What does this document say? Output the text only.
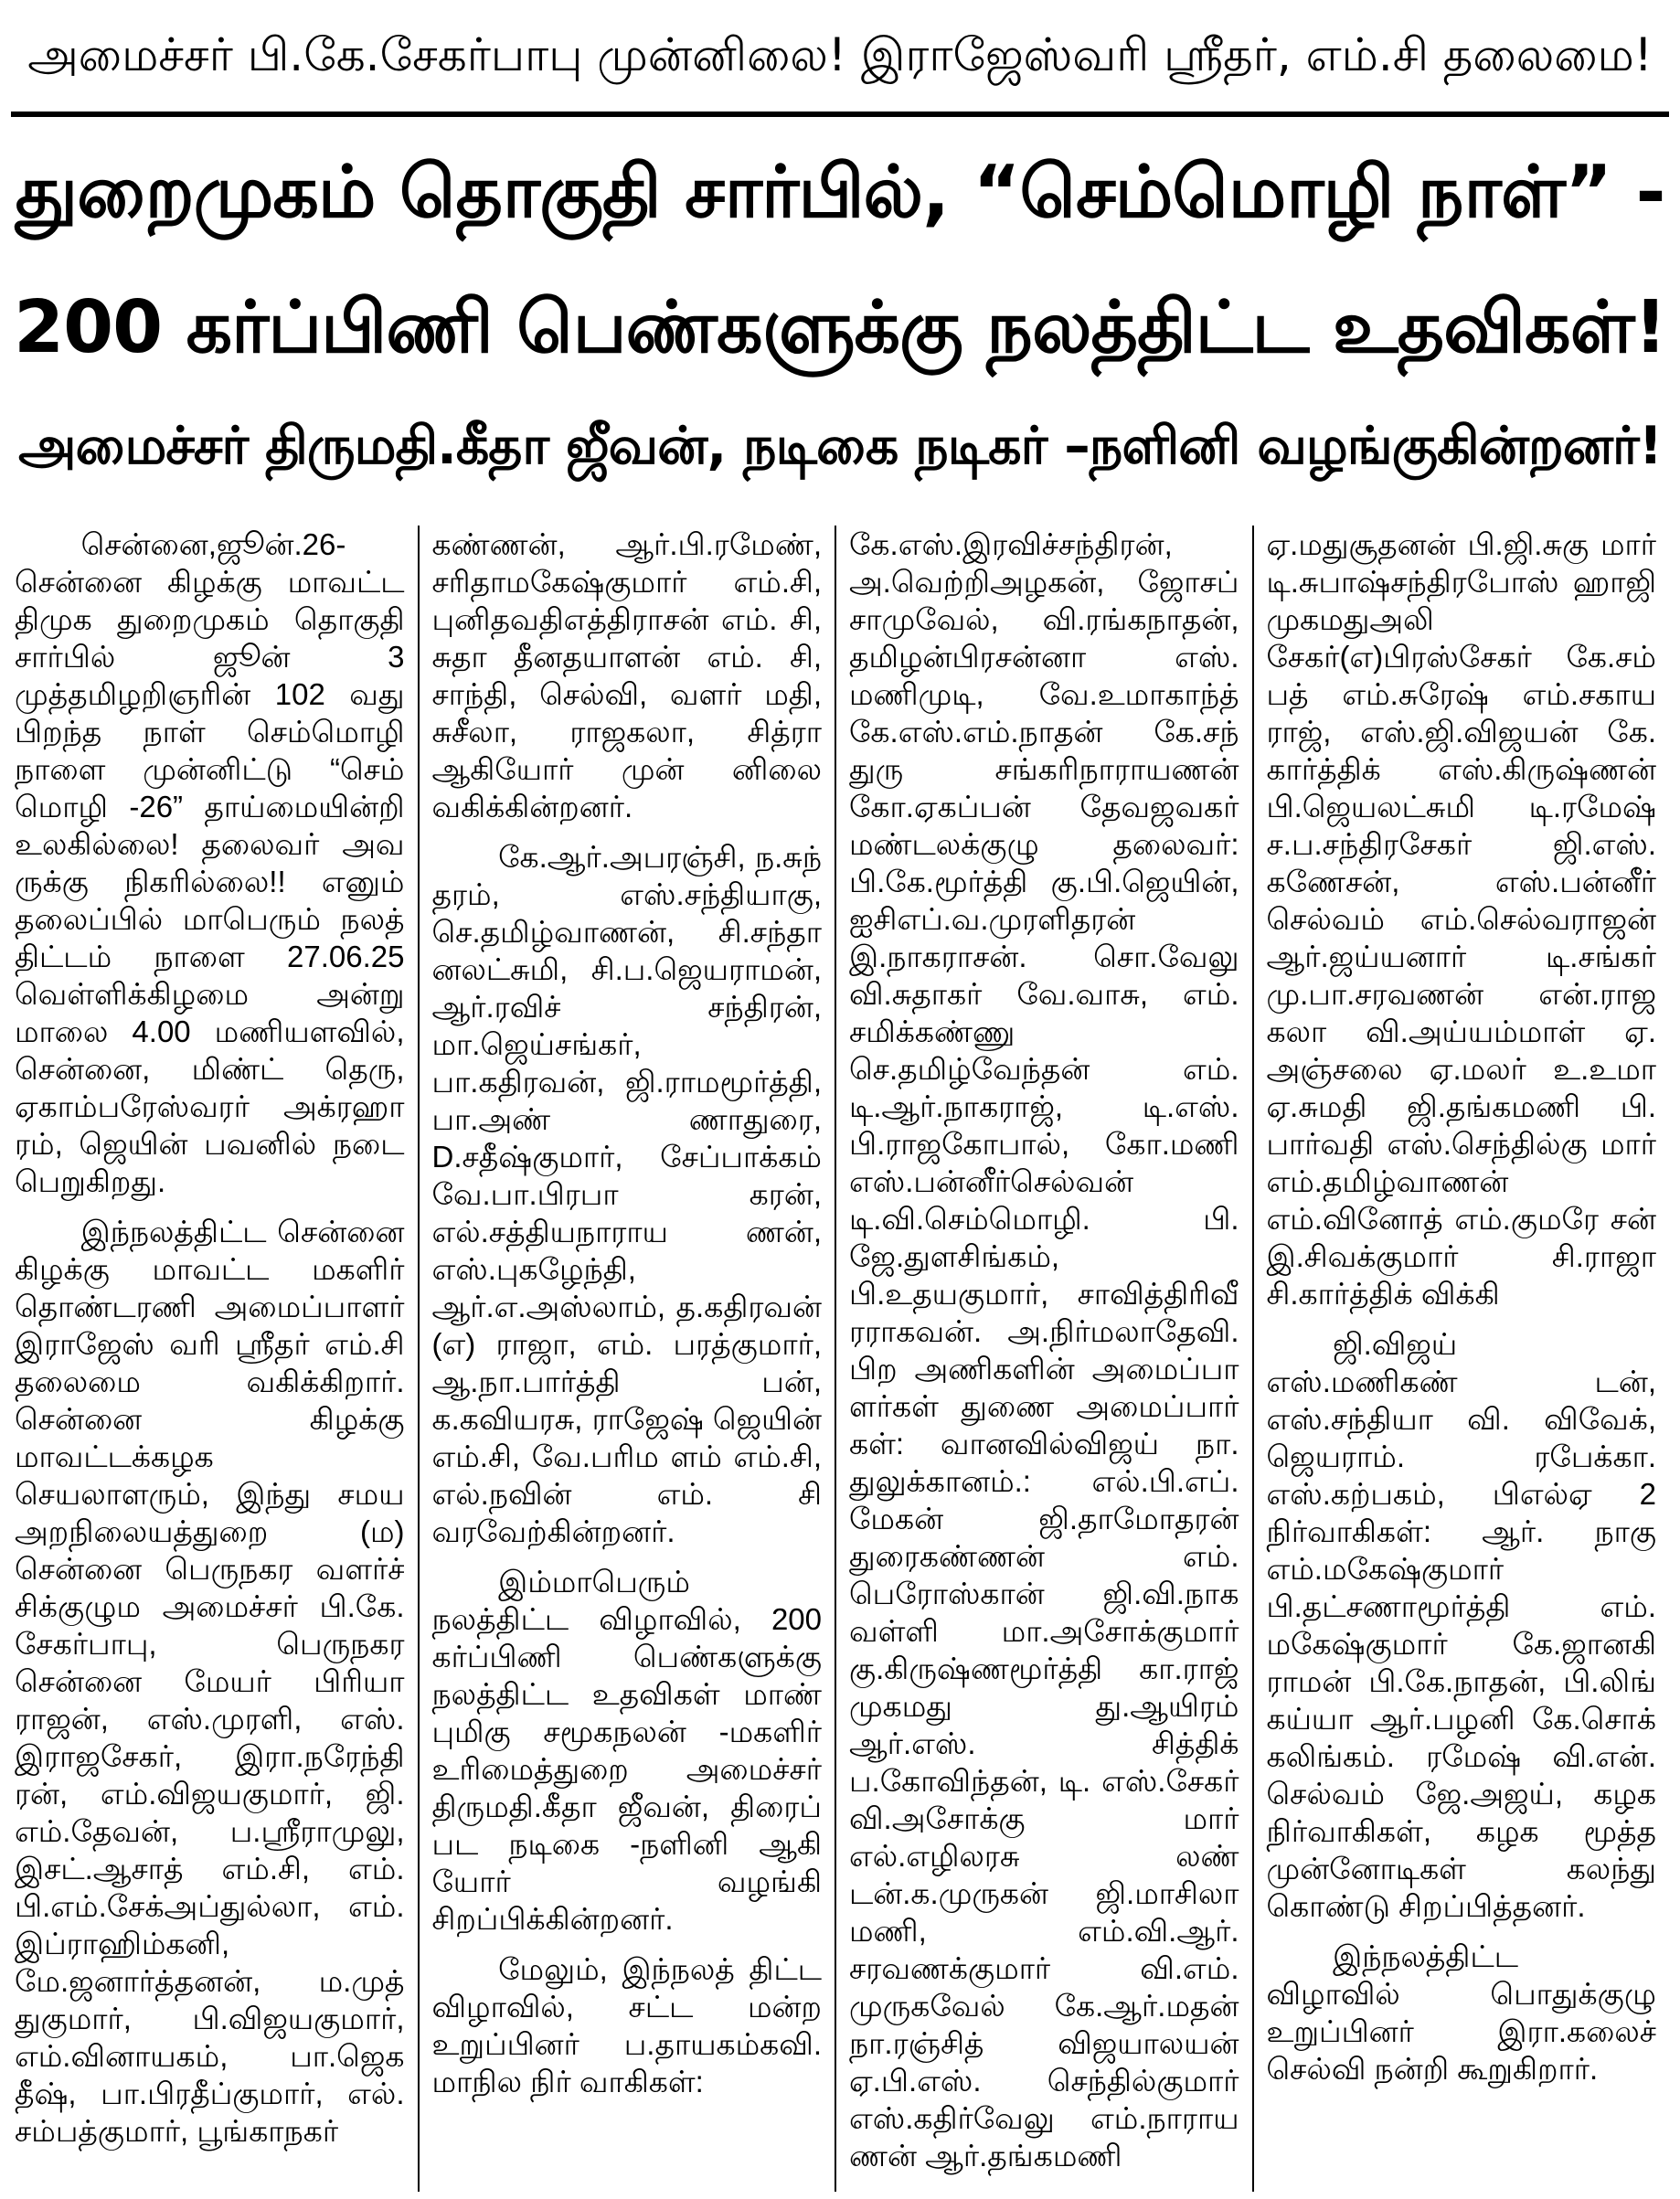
அமைச்சர் பி.கே.சேகர்பாபு முன்னிலை! இராஜேஸ்வரி ஸ்ரீதர், எம்.சி தலைமை!
துறைமுகம் தொகுதி சார்பில், “செம்மொழி நாள்” -
200 கர்ப்பிணி பெண்களுக்கு நலத்திட்ட உதவிகள்!
அமைச்சர் திருமதி.கீதா ஜீவன், நடிகை நடிகர் –நளினி வழங்குகின்றனர்!

சென்னை,ஜூன்.26- சென்னை கிழக்கு மாவட்ட திமுக துறைமுகம் தொகுதி சார்பில் ஜூன் 3 முத்தமிழறிஞரின் 102 வது பிறந்த நாள் செம்மொழி நாளை முன்னிட்டு “செம் மொழி -26” தாய்மையின்றி உலகில்லை! தலைவர் அவ ருக்கு நிகரில்லை!! எனும் தலைப்பில் மாபெரும் நலத் திட்டம் நாளை 27.06.25 வெள்ளிக்கிழமை அன்று மாலை 4.00 மணியளவில், சென்னை, மிண்ட் தெரு, ஏகாம்பரேஸ்வரர் அக்ரஹா ரம், ஜெயின் பவனில் நடை பெறுகிறது.

இந்நலத்திட்ட சென்னை கிழக்கு மாவட்ட மகளிர் தொண்டரணி அமைப்பாளர் இராஜேஸ் வரி ஸ்ரீதர் எம்.சி தலைமை வகிக்கிறார். சென்னை கிழக்கு மாவட்டக்கழக செயலாளரும், இந்து சமய அறநிலையத்துறை (ம) சென்னை பெருநகர வளர்ச் சிக்குழும அமைச்சர் பி.கே. சேகர்பாபு, பெருநகர சென்னை மேயர் பிரியா ராஜன், எஸ்.முரளி, எஸ். இராஜசேகர், இரா.நரேந்தி ரன், எம்.விஜயகுமார், ஜி. எம்.தேவன், ப.ஸ்ரீராமுலு, இசட்.ஆசாத் எம்.சி, எம். பி.எம்.சேக்அப்துல்லா, எம். இப்ராஹிம்கனி, மே.ஜனார்த்தனன், ம.முத் துகுமார், பி.விஜயகுமார், எம்.வினாயகம், பா.ஜெக தீஷ், பா.பிரதீப்குமார், எல். சம்பத்குமார், பூங்காநகர்

கண்ணன், ஆர்.பி.ரமேண், சரிதாமகேஷ்குமார் எம்.சி, புனிதவதிஎத்திராசன் எம். சி, சுதா தீனதயாளன் எம். சி, சாந்தி, செல்வி, வளர் மதி, சுசீலா, ராஜகலா, சித்ரா ஆகியோர் முன் னிலை வகிக்கின்றனர்.

கே.ஆர்.அபரஞ்சி, ந.சுந் தரம், எஸ்.சந்தியாகு, செ.தமிழ்வாணன், சி.சந்தா னலட்சுமி, சி.ப.ஜெயராமன், ஆர்.ரவிச் சந்திரன், மா.ஜெய்சங்கர், பா.கதிரவன், ஜி.ராமமூர்த்தி, பா.அண் ணாதுரை, D.சதீஷ்குமார், சேப்பாக்கம் வே.பா.பிரபா கரன், எல்.சத்தியநாராய ணன், எஸ்.புகழேந்தி, ஆர்.எ.அஸ்லாம், த.கதிரவன் (எ) ராஜா, எம். பரத்குமார், ஆ.நா.பார்த்தி பன், க.கவியரசு, ராஜேஷ் ஜெயின் எம்.சி, வே.பரிம ளம் எம்.சி, எல்.நவின் எம். சி வரவேற்கின்றனர்.

இம்மாபெரும் நலத்திட்ட விழாவில், 200 கர்ப்பிணி பெண்களுக்கு நலத்திட்ட உதவிகள் மாண் புமிகு சமூகநலன் -மகளிர் உரிமைத்துறை அமைச்சர் திருமதி.கீதா ஜீவன், திரைப் பட நடிகை -நளினி ஆகி யோர் வழங்கி சிறப்பிக்கின்றனர்.

மேலும், இந்நலத் திட்ட விழாவில், சட்ட மன்ற உறுப்பினர் ப.தாயகம்கவி. மாநில நிர் வாகிகள்:

கே.எஸ்.இரவிச்சந்திரன், அ.வெற்றிஅழகன், ஜோசப் சாமுவேல், வி.ரங்கநாதன், தமிழன்பிரசன்னா எஸ். மணிமுடி, வே.உமாகாந்த் கே.எஸ்.எம்.நாதன் கே.சந் துரு சங்கரிநாராயணன் கோ.ஏகப்பன் தேவஜவகர் மண்டலக்குழு தலைவர்: பி.கே.மூர்த்தி கு.பி.ஜெயின், ஐசிஎப்.வ.முரளிதரன் இ.நாகராசன். சொ.வேலு வி.சுதாகர் வே.வாசு, எம். சமிக்கண்ணு செ.தமிழ்வேந்தன் எம். டி.ஆர்.நாகராஜ், டி.எஸ். பி.ராஜகோபால், கோ.மணி எஸ்.பன்னீர்செல்வன் டி.வி.செம்மொழி. பி. ஜே.துளசிங்கம், பி.உதயகுமார், சாவித்திரிவீ ரராகவன். அ.நிர்மலாதேவி. பிற அணிகளின் அமைப்பா ளர்கள் துணை அமைப்பார் கள்: வானவில்விஜய் நா. துலுக்கானம்.: எல்.பி.எப். மேகன் ஜி.தாமோதரன் துரைகண்ணன் எம். பெரோஸ்கான் ஜி.வி.நாக வள்ளி மா.அசோக்குமார் கு.கிருஷ்ணமூர்த்தி கா.ராஜ் முகமது து.ஆயிரம் ஆர்.எஸ். சித்திக் ப.கோவிந்தன், டி. எஸ்.சேகர் வி.அசோக்கு மார் எல்.எழிலரசு லண் டன்.க.முருகன் ஜி.மாசிலா மணி, எம்.வி.ஆர். சரவணக்குமார் வி.எம். முருகவேல் கே.ஆர்.மதன் நா.ரஞ்சித் விஜயாலயன் ஏ.பி.எஸ். செந்தில்குமார் எஸ்.கதிர்வேலு எம்.நாராய ணன் ஆர்.தங்கமணி

ஏ.மதுசூதனன் பி.ஜி.சுகு மார் டி.சுபாஷ்சந்திரபோஸ் ஹாஜி முகமதுஅலி சேகர்(எ)பிரஸ்சேகர் கே.சம் பத் எம்.சுரேஷ் எம்.சகாய ராஜ், எஸ்.ஜி.விஜயன் கே. கார்த்திக் எஸ்.கிருஷ்ணன் பி.ஜெயலட்சுமி டி.ரமேஷ் ச.ப.சந்திரசேகர் ஜி.எஸ். கணேசன், எஸ்.பன்னீர் செல்வம் எம்.செல்வராஜன் ஆர்.ஜய்யனார் டி.சங்கர் மு.பா.சரவணன் என்.ராஜ கலா வி.அய்யம்மாள் ஏ. அஞ்சலை ஏ.மலர் உ.உமா ஏ.சுமதி ஜி.தங்கமணி பி. பார்வதி எஸ்.செந்தில்கு மார் எம்.தமிழ்வாணன் எம்.வினோத் எம்.குமரே சன் இ.சிவக்குமார் சி.ராஜா சி.கார்த்திக் விக்கி

ஜி.விஜய் எஸ்.மணிகண் டன், எஸ்.சந்தியா வி. விவேக், ஜெயராம். ரபேக்கா. எஸ்.கற்பகம், பிஎல்ஏ 2 நிர்வாகிகள்: ஆர். நாகு எம்.மகேஷ்குமார் பி.தட்சணாமூர்த்தி எம். மகேஷ்குமார் கே.ஜானகி ராமன் பி.கே.நாதன், பி.லிங் கய்யா ஆர்.பழனி கே.சொக் கலிங்கம். ரமேஷ் வி.என். செல்வம் ஜே.அஜய், கழக நிர்வாகிகள், கழக மூத்த முன்னோடிகள் கலந்து கொண்டு சிறப்பித்தனர்.

இந்நலத்திட்ட விழாவில் பொதுக்குழு உறுப்பினர் இரா.கலைச் செல்வி நன்றி கூறுகிறார்.
